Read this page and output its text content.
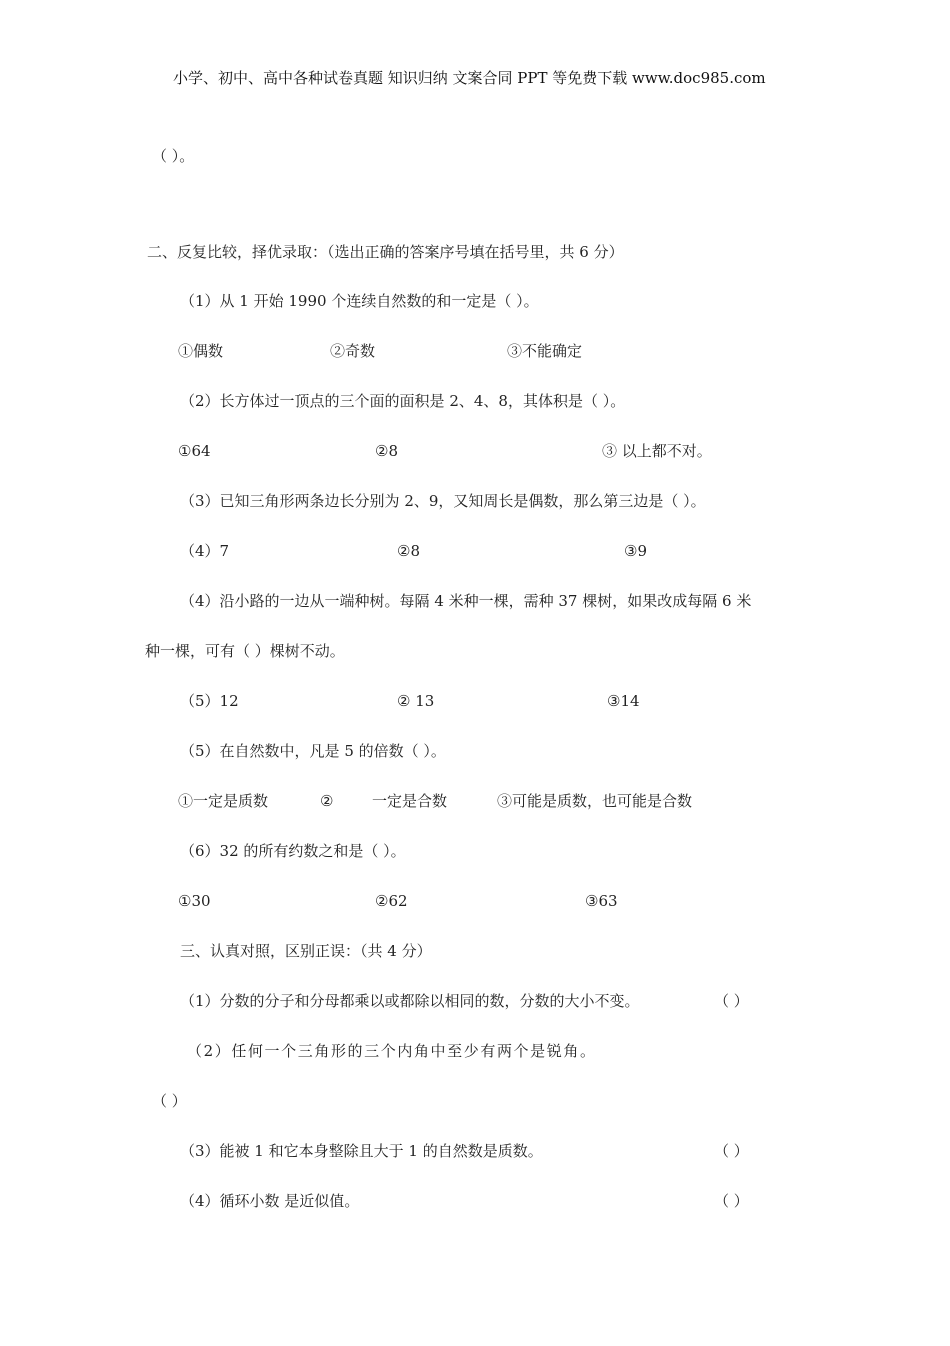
小学、初中、高中各种试卷真题 知识归纳 文案合同 PPT 等免费下载 www.doc985.com
（ ）。
二、反复比较，择优录取：（选出正确的答案序号填在括号里，共 6 分）
（1）从 1 开始 1990 个连续自然数的和一定是（ ）。
①偶数	②奇数	③不能确定
（2）长方体过一顶点的三个面的面积是 2、4、8，其体积是（ ）。
①64	②8	③ 以上都不对。
（3）已知三角形两条边长分别为 2、9，又知周长是偶数，那么第三边是（ ）。
（4）7	②8	③9
（4）沿小路的一边从一端种树。每隔 4 米种一棵，需种 37 棵树，如果改成每隔 6 米
种一棵，可有（ ）棵树不动。
（5）12	② 13	③14
（5）在自然数中，凡是 5 的倍数（ ）。
①一定是质数	②	一定是合数	③可能是质数，也可能是合数
（6）32 的所有约数之和是（ ）。
①30	②62	③63
三、认真对照，区别正误：（共 4 分）
（1）分数的分子和分母都乘以或都除以相同的数，分数的大小不变。	（ ）
（2）任何一个三角形的三个内角中至少有两个是锐角。
（ ）
（3）能被 1 和它本身整除且大于 1 的自然数是质数。	（ ）
（4）循环小数 是近似值。	（ ）
